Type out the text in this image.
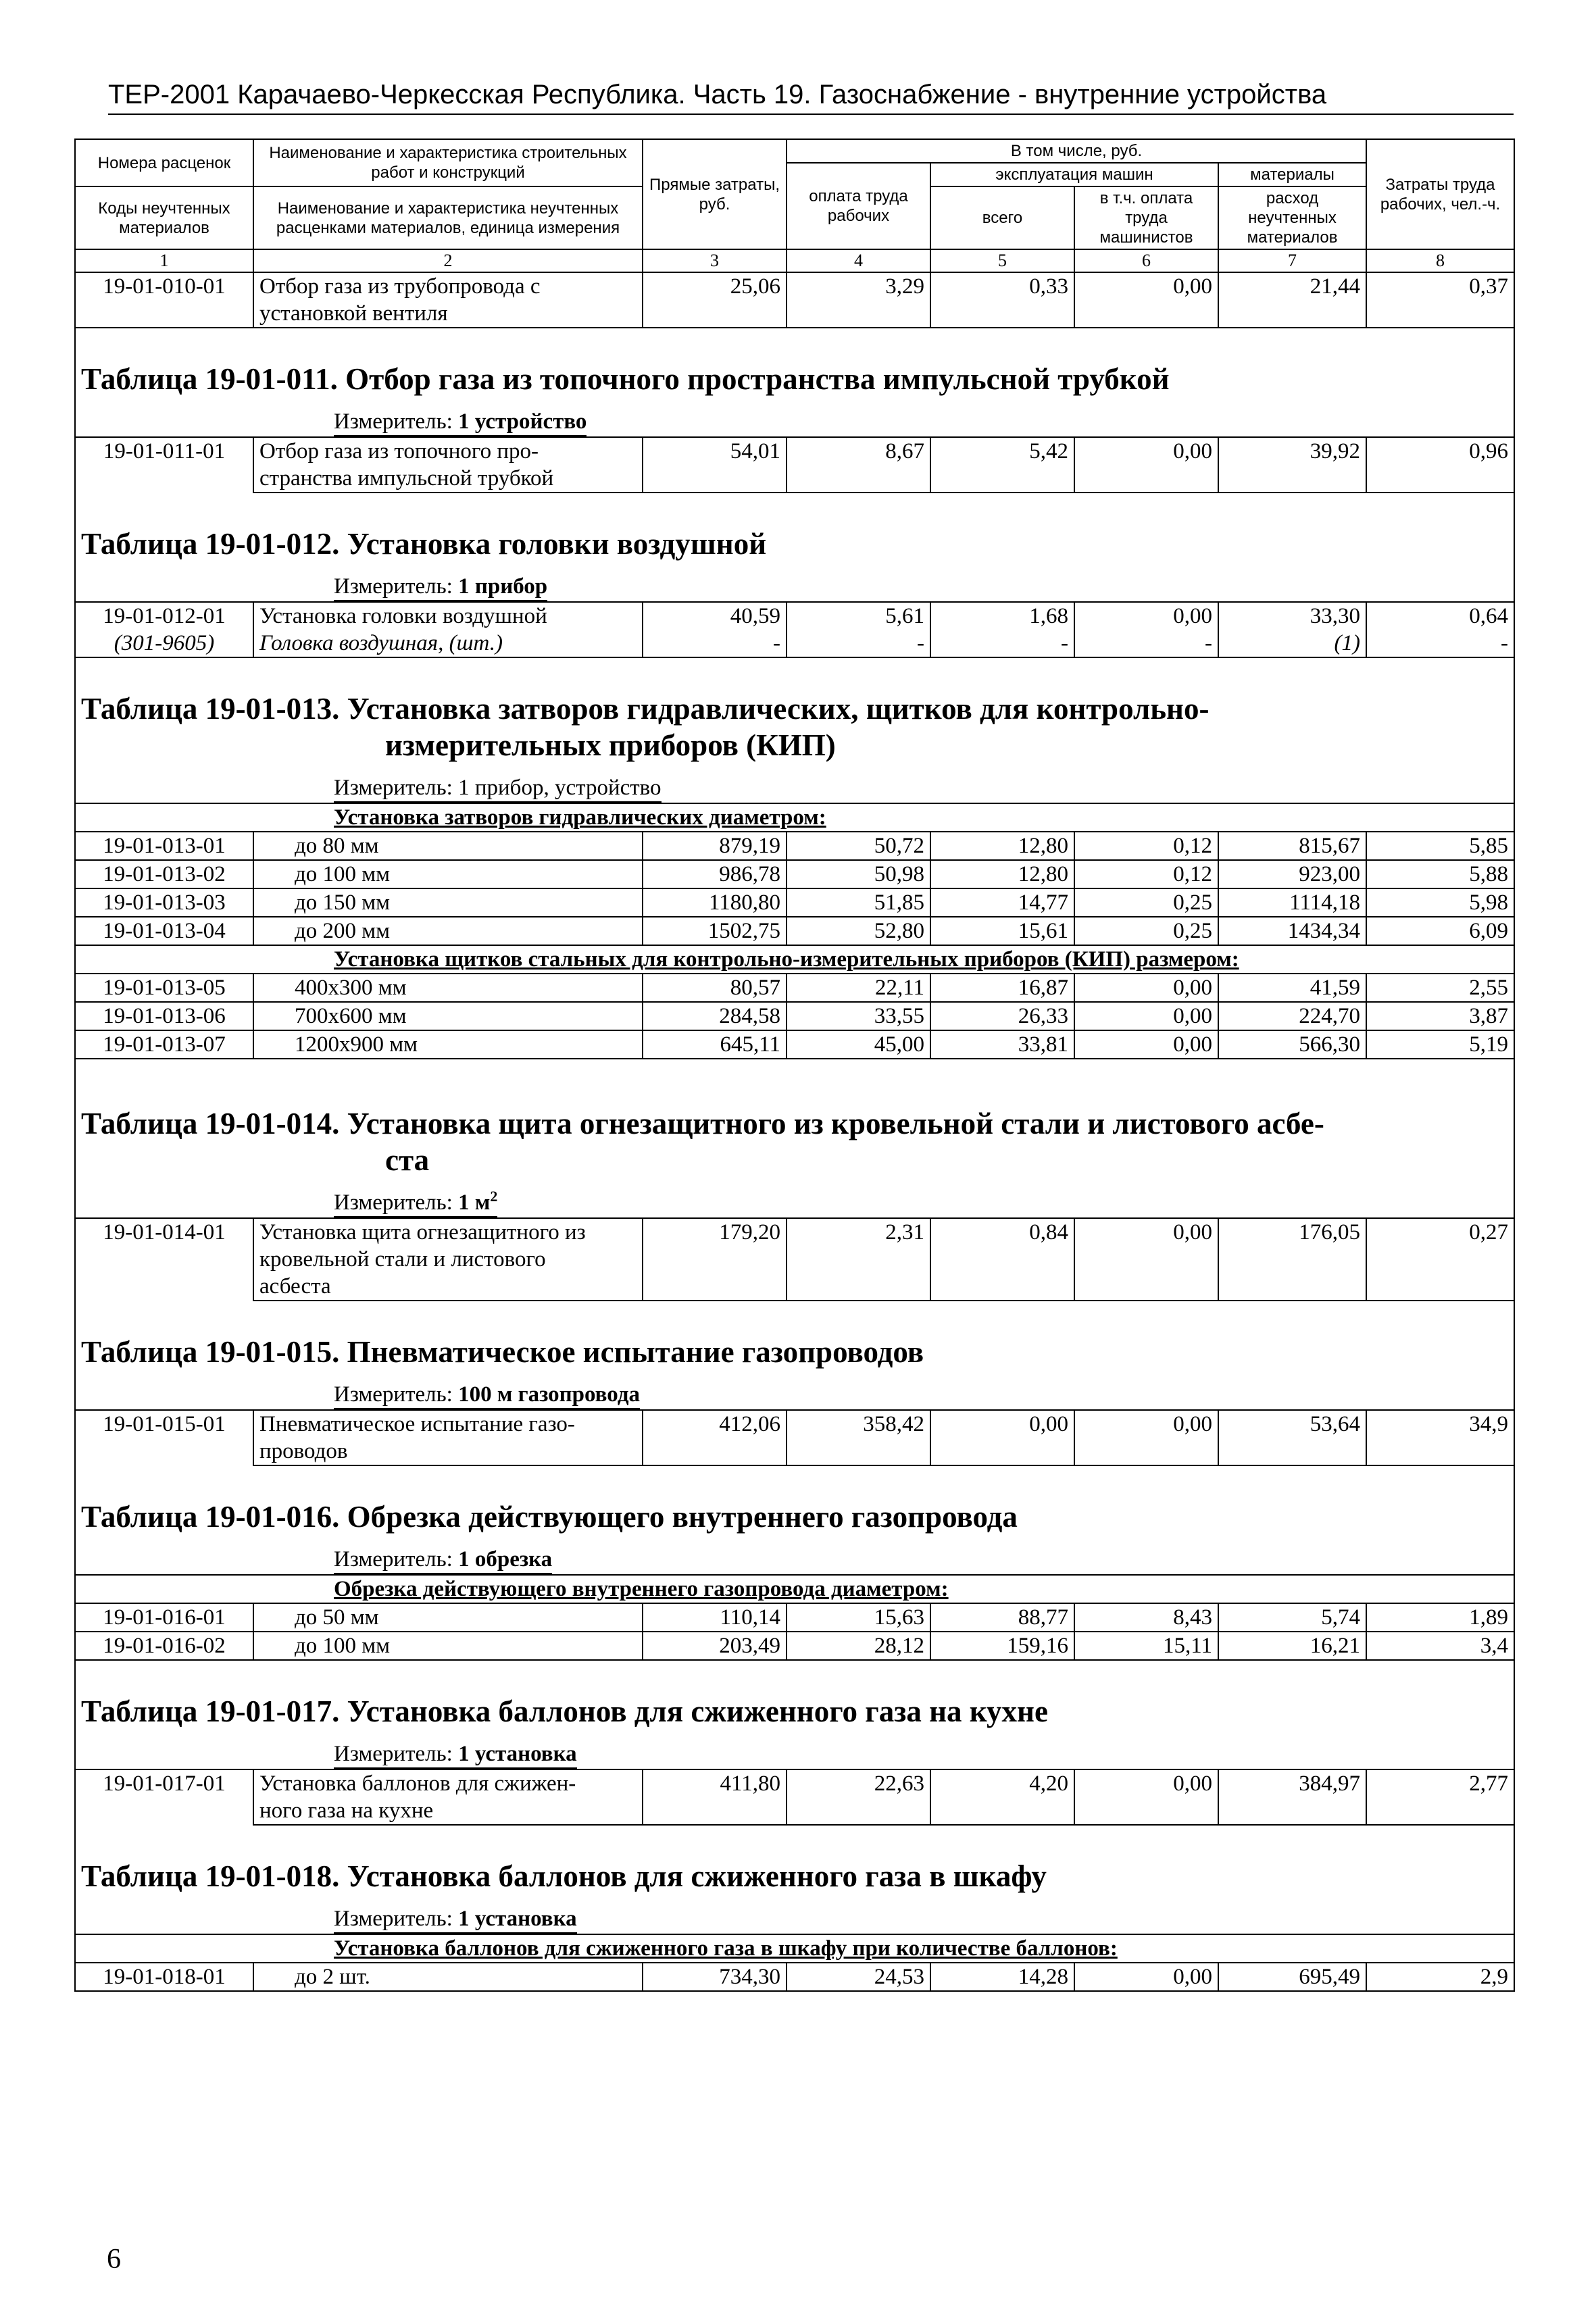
ТЕР-2001 Карачаево-Черкесская Республика. Часть 19. Газоснабжение - внутренние устройства
Номера расценок	Наименование и характеристика строительных работ и конструкций	Прямые затраты, руб.	В том числе, руб.				Затраты труда рабочих, чел.-ч.
			оплата труда рабочих	эксплуатация машин		материалы	
Коды неучтенных материалов	Наименование и характеристика неучтенных расценками материалов, единица измерения			всего	в т.ч. оплата труда машинистов	расход неучтенных материалов	

1	2	3	4	5	6	7	8
19-01-010-01	Отбор газа из трубопровода с	25,06	3,29	0,33	0,00	21,44	0,37
	установкой вентиля						

Таблица 19-01-011. Отбор газа из топочного пространства импульсной трубкой							
Измеритель: 1 устройство							
19-01-011-01	Отбор газа из топочного про-	54,01	8,67	5,42	0,00	39,92	0,96
	странства импульсной трубкой						

Таблица 19-01-012. Установка головки воздушной							
Измеритель: 1 прибор							
19-01-012-01	Установка головки воздушной	40,59	5,61	1,68	0,00	33,30	0,64
(301-9605)	Головка воздушная, (шт.)	-	-	-	-	(1)	-

Таблица 19-01-013. Установка затворов гидравлических, щитков для контрольно-
измерительных приборов (КИП)							

Измеритель: 1 прибор, устройство							
Установка затворов гидравлических диаметром:							
19-01-013-01	до 80 мм	879,19	50,72	12,80	0,12	815,67	5,85
19-01-013-02	до 100 мм	986,78	50,98	12,80	0,12	923,00	5,88
19-01-013-03	до 150 мм	1180,80	51,85	14,77	0,25	1114,18	5,98
19-01-013-04	до 200 мм	1502,75	52,80	15,61	0,25	1434,34	6,09
Установка щитков стальных для контрольно-измерительных приборов (КИП) размером:							
19-01-013-05	400х300 мм	80,57	22,11	16,87	0,00	41,59	2,55
19-01-013-06	700х600 мм	284,58	33,55	26,33	0,00	224,70	3,87
19-01-013-07	1200х900 мм	645,11	45,00	33,81	0,00	566,30	5,19

Таблица 19-01-014. Установка щита огнезащитного из кровельной стали и листового асбе-
ста							

Измеритель: 1 $м^2$
19-01-014-01	Установка щита огнезащитного из	179,20	2,31	0,84	0,00	176,05	0,27
	кровельной стали и листового						
	асбеста						

Таблица 19-01-015. Пневматическое испытание газопроводов							
Измеритель: 100 м газопровода							
19-01-015-01	Пневматическое испытание газо-	412,06	358,42	0,00	0,00	53,64	34,9
	проводов						

Таблица 19-01-016. Обрезка действующего внутреннего газопровода							
Измеритель: 1 обрезка							
Обрезка действующего внутреннего газопровода диаметром:							
19-01-016-01	до 50 мм	110,14	15,63	88,77	8,43	5,74	1,89
19-01-016-02	до 100 мм	203,49	28,12	159,16	15,11	16,21	3,4

Таблица 19-01-017. Установка баллонов для сжиженного газа на кухне							
Измеритель: 1 установка							
19-01-017-01	Установка баллонов для сжижен-	411,80	22,63	4,20	0,00	384,97	2,77
	ного газа на кухне						

Таблица 19-01-018. Установка баллонов для сжиженного газа в шкафу							
Измеритель: 1 установка							
Установка баллонов для сжиженного газа в шкафу при количестве баллонов:							
19-01-018-01	до 2 шт.	734,30	24,53	14,28	0,00	695,49	2,9
6
